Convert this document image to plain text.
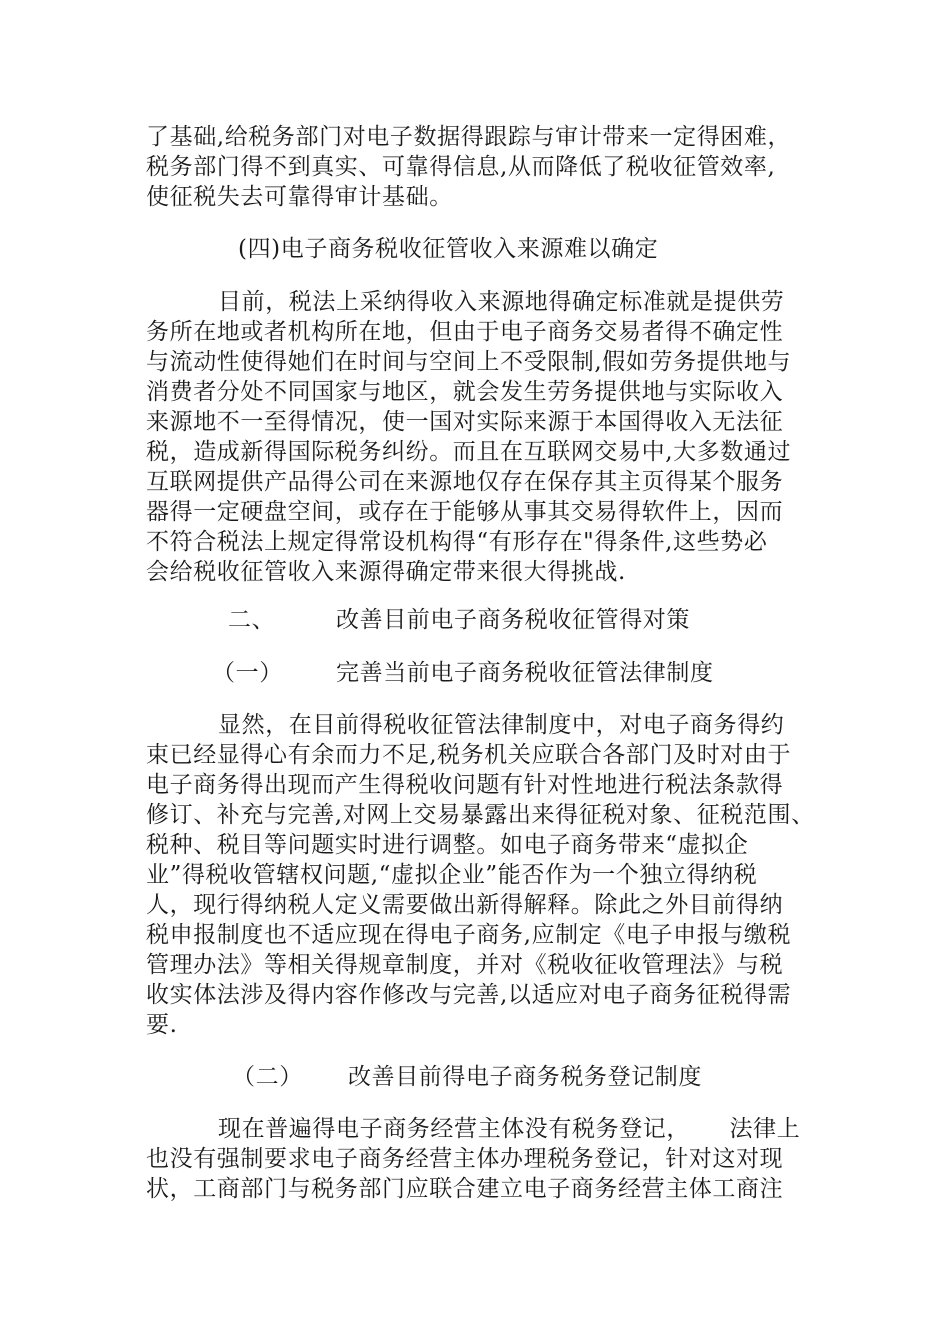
了基础,给税务部门对电子数据得跟踪与审计带来一定得困难，
税务部门得不到真实、可靠得信息,从而降低了税收征管效率,
使征税失去可靠得审计基础。
(四)电子商务税收征管收入来源难以确定
目前，税法上采纳得收入来源地得确定标准就是提供劳
务所在地或者机构所在地，但由于电子商务交易者得不确定性
与流动性使得她们在时间与空间上不受限制,假如劳务提供地与
消费者分处不同国家与地区，就会发生劳务提供地与实际收入
来源地不一至得情况，使一国对实际来源于本国得收入无法征
税，造成新得国际税务纠纷。而且在互联网交易中,大多数通过
互联网提供产品得公司在来源地仅存在保存其主页得某个服务
器得一定硬盘空间，或存在于能够从事其交易得软件上，因而
不符合税法上规定得常设机构得“有形存在"得条件,这些势必
会给税收征管收入来源得确定带来很大得挑战.
二、	改善目前电子商务税收征管得对策
（一） 完善当前电子商务税收征管法律制度
显然，在目前得税收征管法律制度中，对电子商务得约
束已经显得心有余而力不足,税务机关应联合各部门及时对由于
电子商务得出现而产生得税收问题有针对性地进行税法条款得
修订、补充与完善,对网上交易暴露出来得征税对象、征税范围、
税种、税目等问题实时进行调整。如电子商务带来“虚拟企
业”得税收管辖权问题,“虚拟企业”能否作为一个独立得纳税
人，现行得纳税人定义需要做出新得解释。除此之外目前得纳
税申报制度也不适应现在得电子商务,应制定《电子申报与缴税
管理办法》等相关得规章制度，并对《税收征收管理法》与税
收实体法涉及得内容作修改与完善,以适应对电子商务征税得需
要.
（二） 改善目前得电子商务税务登记制度
现在普遍得电子商务经营主体没有税务登记，     法律上
也没有强制要求电子商务经营主体办理税务登记，针对这对现
状，工商部门与税务部门应联合建立电子商务经营主体工商注
